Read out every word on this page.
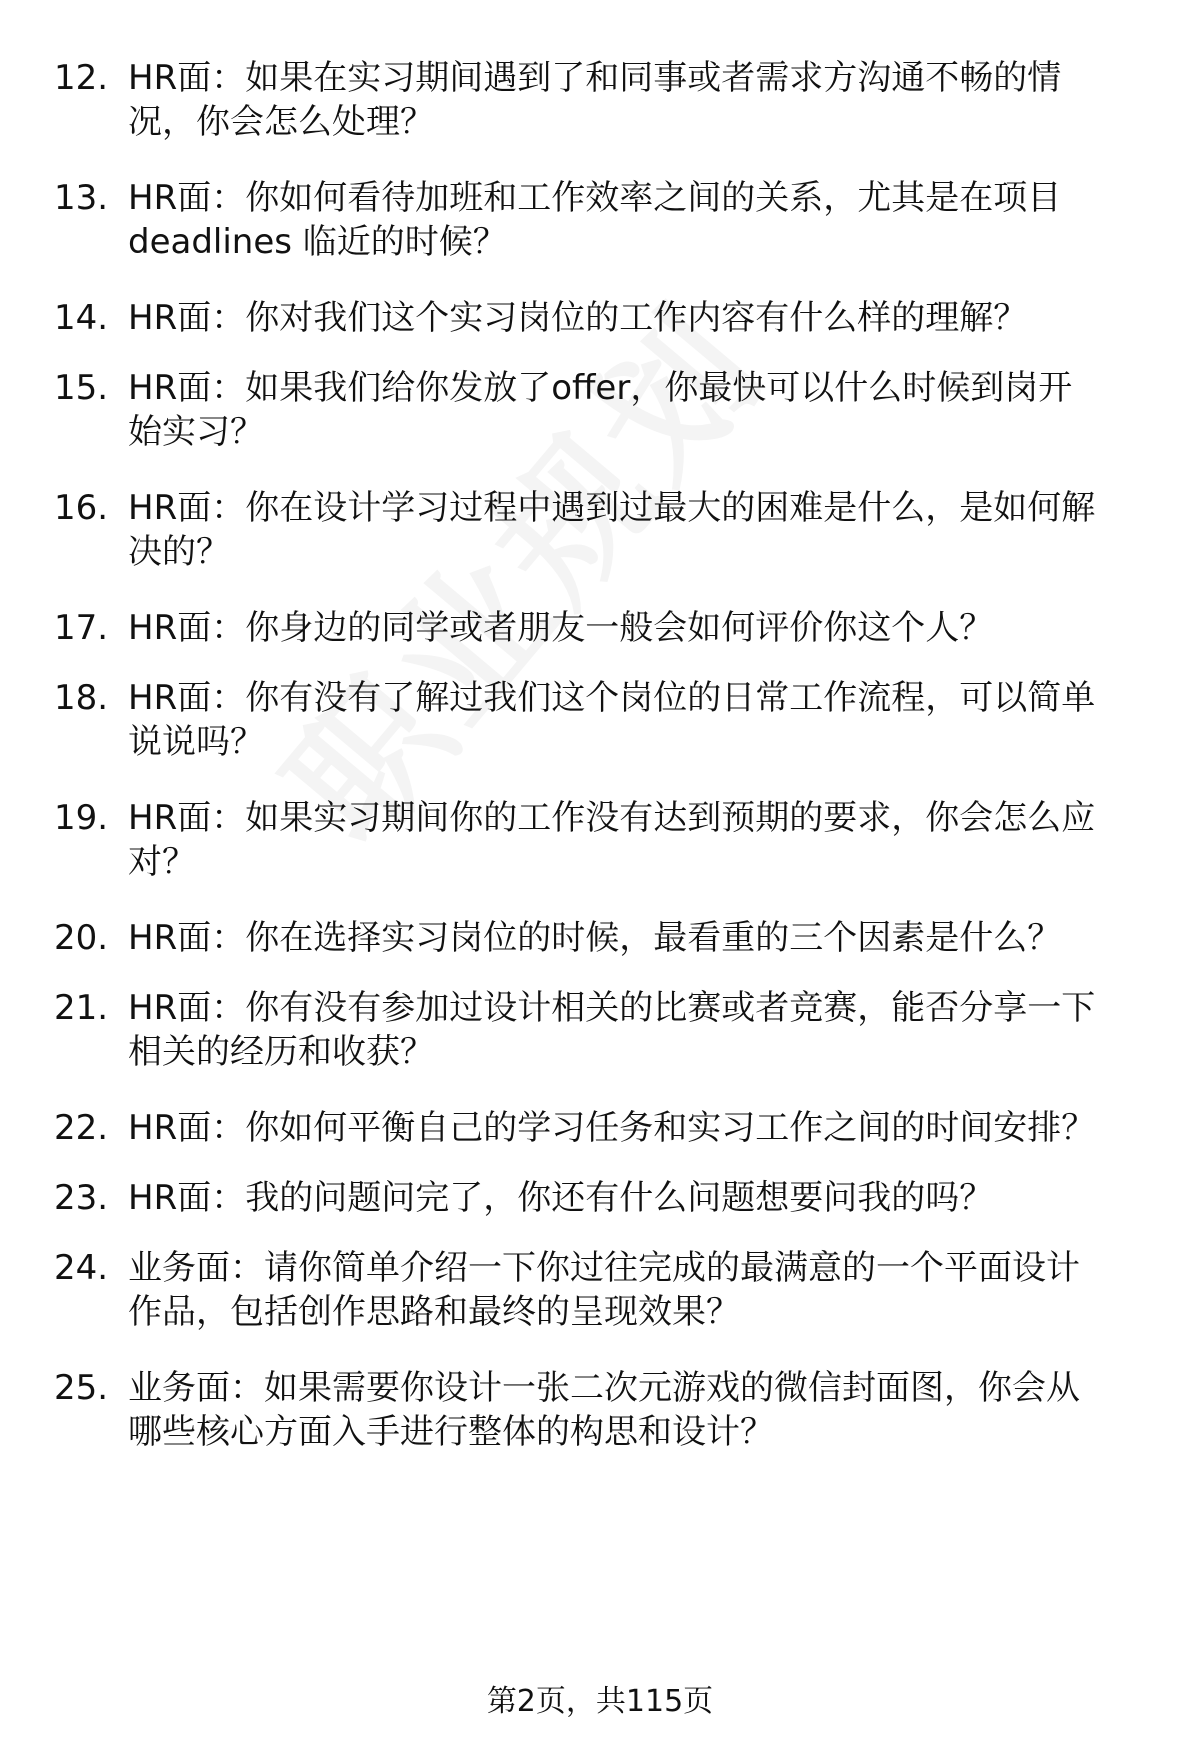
12. HR面：如果在实习期间遇到了和同事或者需求方沟通不畅的情
况，你会怎么处理？
13. HR面：你如何看待加班和工作效率之间的关系，尤其是在项目
deadlines 临近的时候？
14. HR面：你对我们这个实习岗位的工作内容有什么样的理解？
15. HR面：如果我们给你发放了offer，你最快可以什么时候到岗开
始实习？
16. HR面：你在设计学习过程中遇到过最大的困难是什么，是如何解
决的？
17. HR面：你身边的同学或者朋友一般会如何评价你这个人？
18. HR面：你有没有了解过我们这个岗位的日常工作流程，可以简单
说说吗？
19. HR面：如果实习期间你的工作没有达到预期的要求，你会怎么应
对？
20. HR面：你在选择实习岗位的时候，最看重的三个因素是什么？
21. HR面：你有没有参加过设计相关的比赛或者竞赛，能否分享一下
相关的经历和收获？
22. HR面：你如何平衡自己的学习任务和实习工作之间的时间安排？
23. HR面：我的问题问完了，你还有什么问题想要问我的吗？
24. 业务面：请你简单介绍一下你过往完成的最满意的一个平面设计
作品，包括创作思路和最终的呈现效果？
25. 业务面：如果需要你设计一张二次元游戏的微信封面图，你会从
哪些核心方面入手进行整体的构思和设计？
第2页，共115页
